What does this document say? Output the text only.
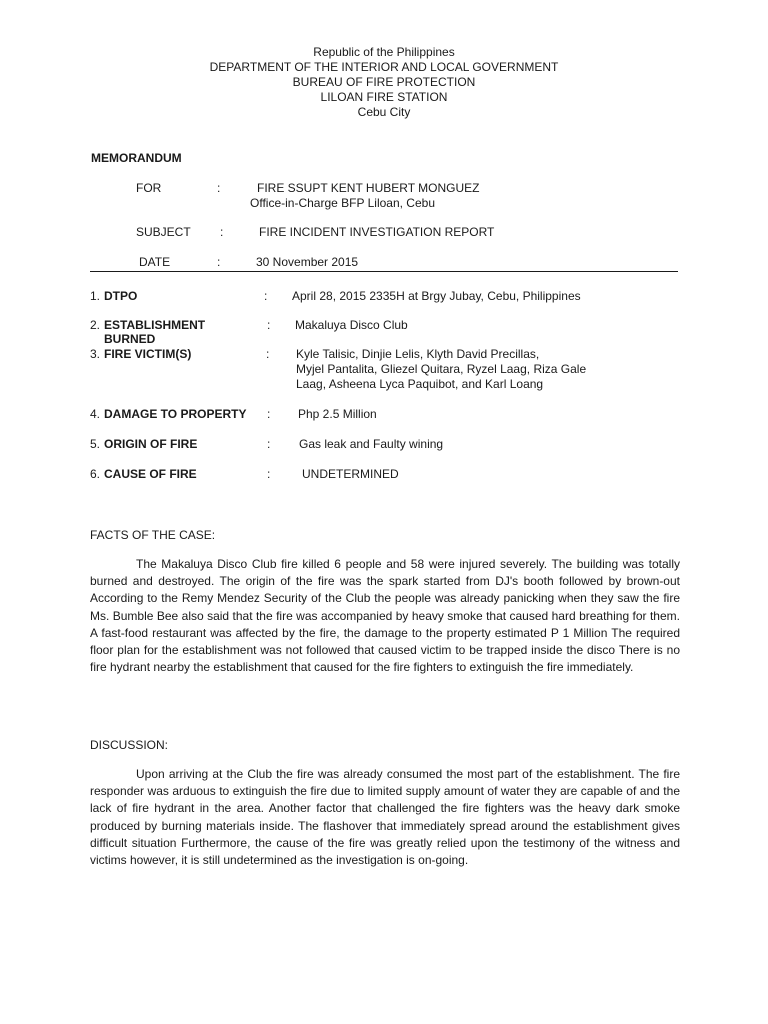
Republic of the Philippines
DEPARTMENT OF THE INTERIOR AND LOCAL GOVERNMENT
BUREAU OF FIRE PROTECTION
LILOAN FIRE STATION
Cebu City
MEMORANDUM
FOR	:	FIRE SSUPT KENT HUBERT MONGUEZ
Office-in-Charge BFP Liloan, Cebu
SUBJECT :	FIRE INCIDENT INVESTIGATION REPORT
DATE	:	30 November 2015
1. DTPO	: April 28, 2015 2335H at Brgy Jubay, Cebu, Philippines
2. ESTABLISHMENT
BURNED
: Makaluya Disco Club
3. FIRE VICTIM(S)	: Kyle Talisic, Dinjie Lelis, Klyth David Precillas,
Myjel Pantalita, Gliezel Quitara, Ryzel Laag, Riza Gale
Laag, Asheena Lyca Paquibot, and Karl Loang
4. DAMAGE TO PROPERTY : Php 2.5 Million
5. ORIGIN OF FIRE	: Gas leak and Faulty wining
6. CAUSE OF FIRE	:	UNDETERMINED
FACTS OF THE CASE:
The Makaluya Disco Club fire killed 6 people and 58 were injured severely. The building was totally burned and destroyed. The origin of the fire was the spark started from DJ's booth followed by brown-out According to the Remy Mendez Security of the Club the people was already panicking when they saw the fire Ms. Bumble Bee also said that the fire was accompanied by heavy smoke that caused hard breathing for them. A fast-food restaurant was affected by the fire, the damage to the property estimated P 1 Million The required floor plan for the establishment was not followed that caused victim to be trapped inside the disco There is no fire hydrant nearby the establishment that caused for the fire fighters to extinguish the fire immediately.
DISCUSSION:
Upon arriving at the Club the fire was already consumed the most part of the establishment. The fire responder was arduous to extinguish the fire due to limited supply amount of water they are capable of and the lack of fire hydrant in the area. Another factor that challenged the fire fighters was the heavy dark smoke produced by burning materials inside. The flashover that immediately spread around the establishment gives difficult situation Furthermore, the cause of the fire was greatly relied upon the testimony of the witness and victims however, it is still undetermined as the investigation is on-going.
